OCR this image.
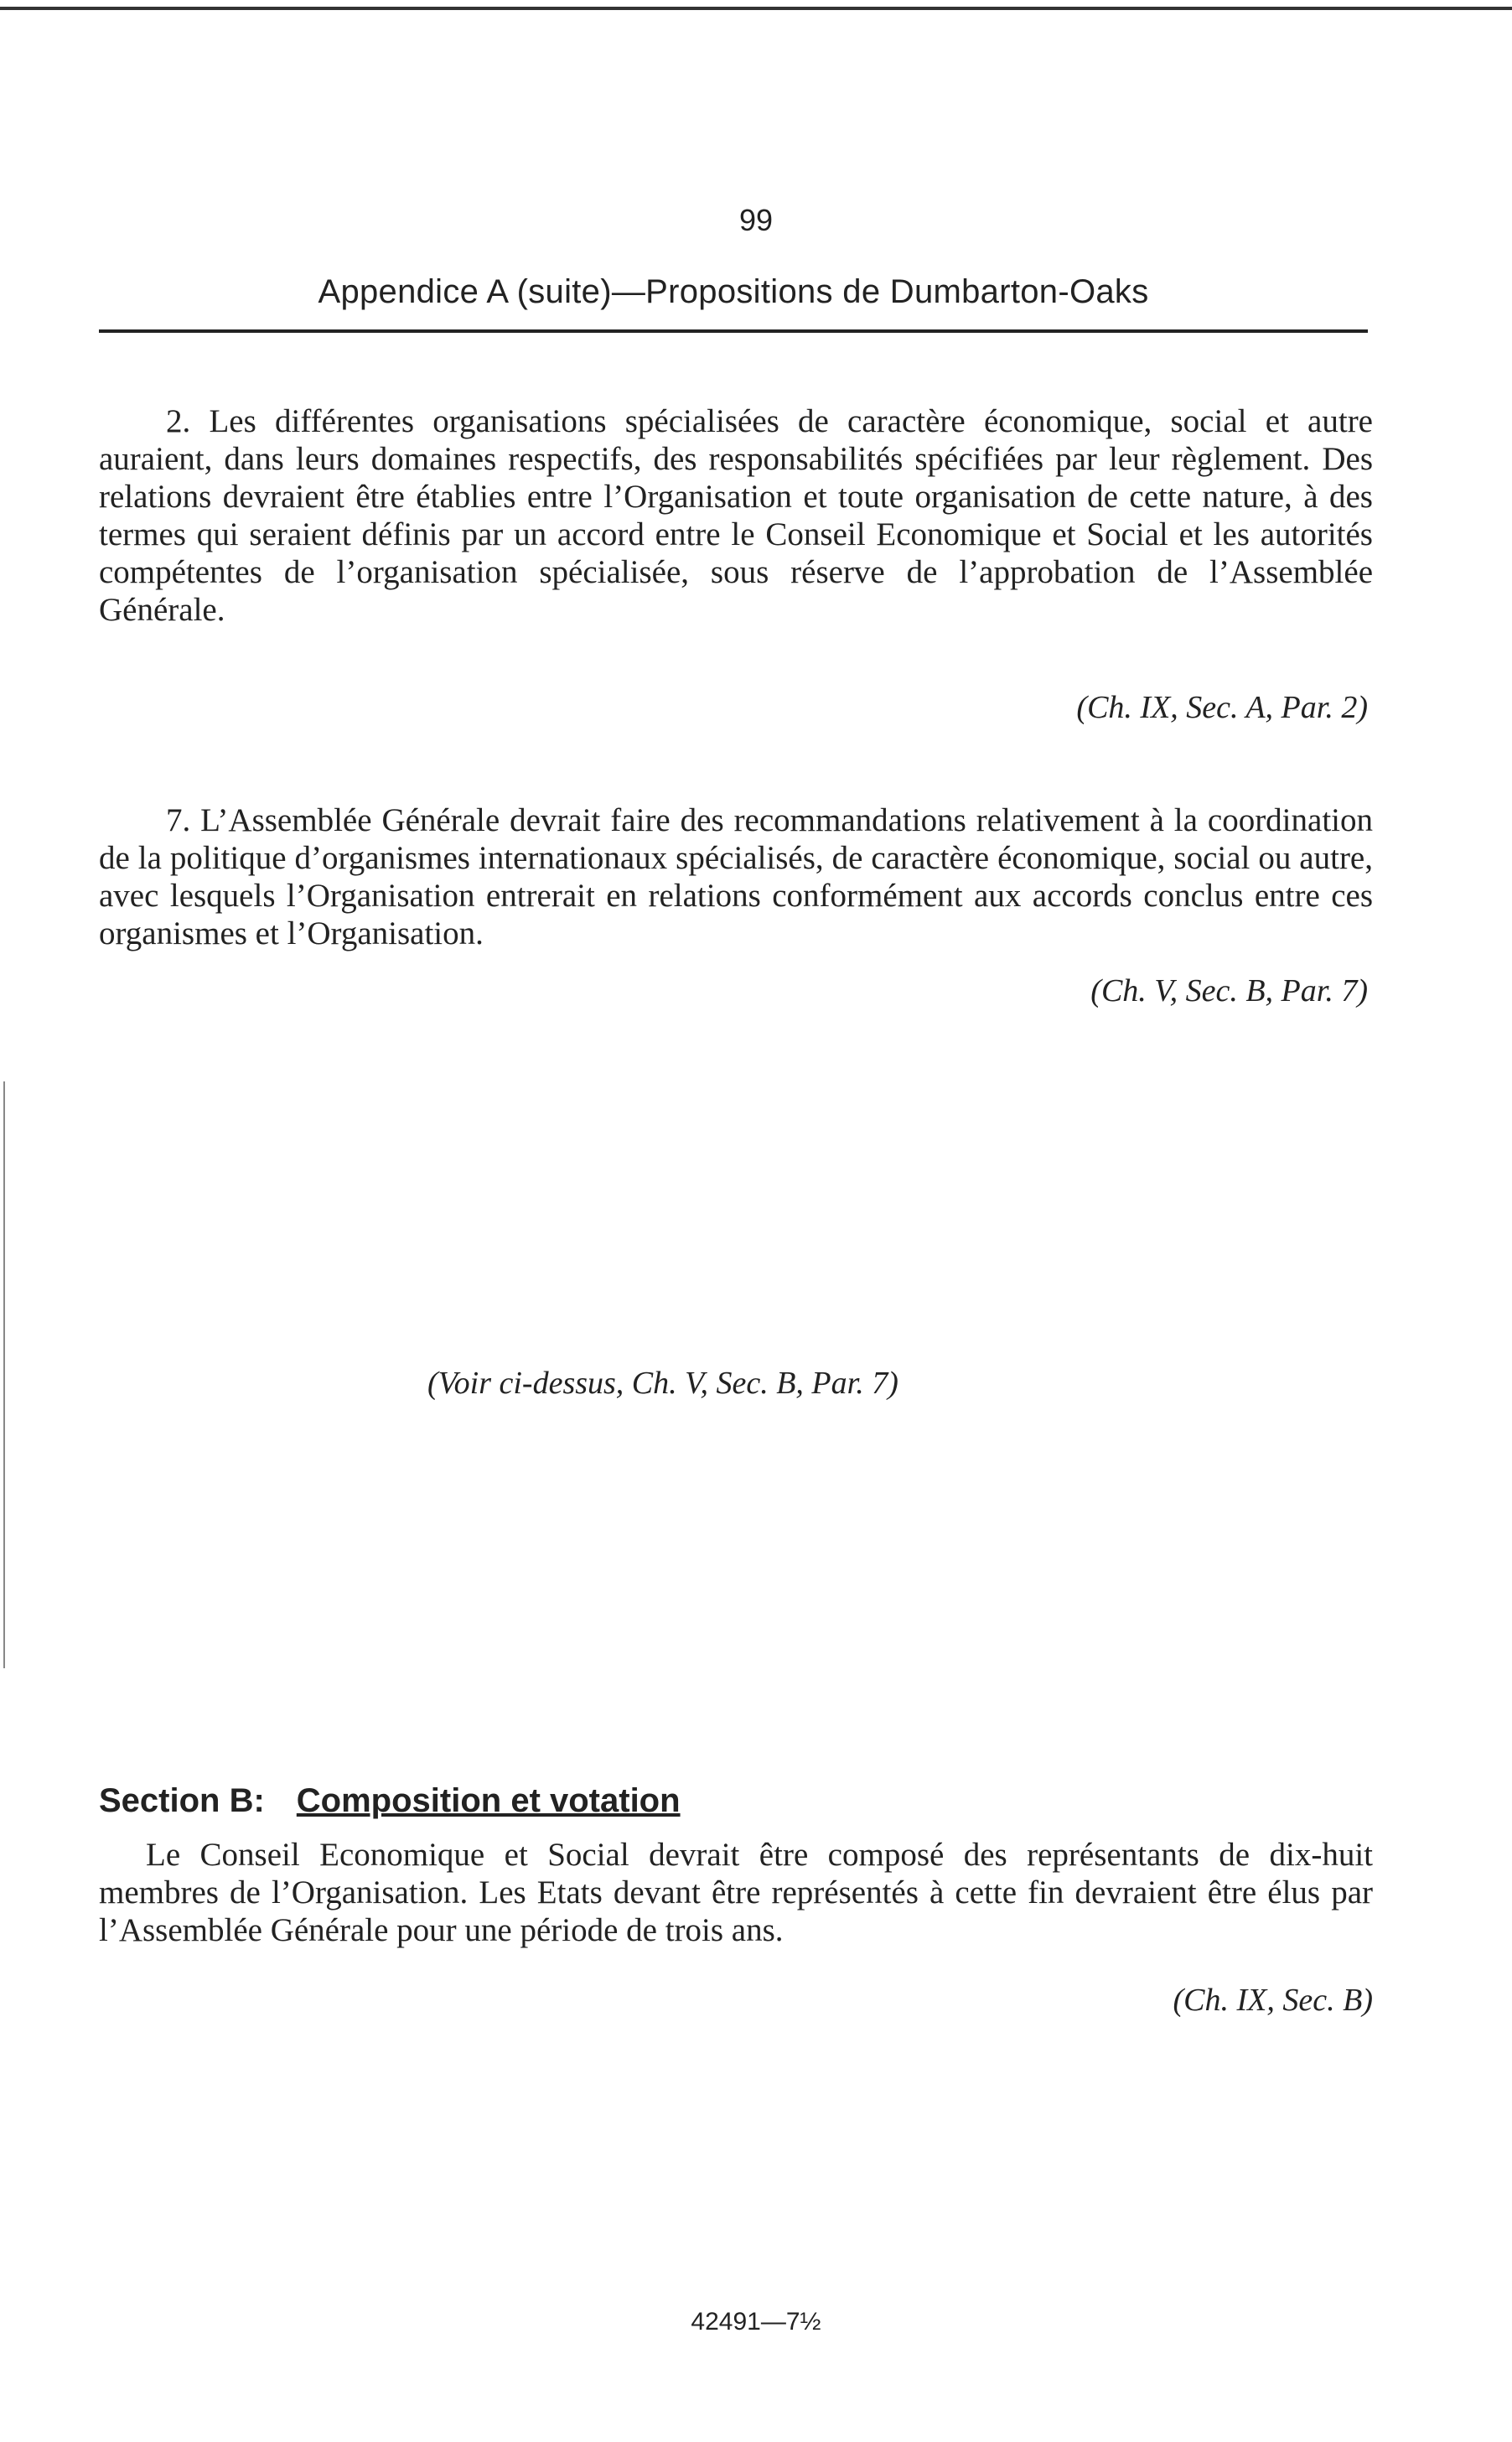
99
Appendice A (suite)—Propositions de Dumbarton-Oaks

2. Les différentes organisations spécialisées de caractère économique, social et autre auraient, dans leurs domaines respectifs, des responsabilités spécifiées par leur règlement. Des relations devraient être établies entre l’Organisation et toute organisation de cette nature, à des termes qui seraient définis par un accord entre le Conseil Economique et Social et les autorités compétentes de l’organisation spécialisée, sous réserve de l’approbation de l’Assemblée Générale.

(Ch. IX, Sec. A, Par. 2)

7. L’Assemblée Générale devrait faire des recommandations relativement à la coordination de la politique d’organismes internationaux spécialisés, de caractère économique, social ou autre, avec lesquels l’Organisation entrerait en relations conformément aux accords conclus entre ces organismes et l’Organisation.

(Ch. V, Sec. B, Par. 7)
(Voir ci-dessus, Ch. V, Sec. B, Par. 7)
Section B: Composition et votation

Le Conseil Economique et Social devrait être composé des représentants de dix-huit membres de l’Organisation. Les Etats devant être représentés à cette fin devraient être élus par l’Assemblée Générale pour une période de trois ans.

(Ch. IX, Sec. B)
42491—7½
